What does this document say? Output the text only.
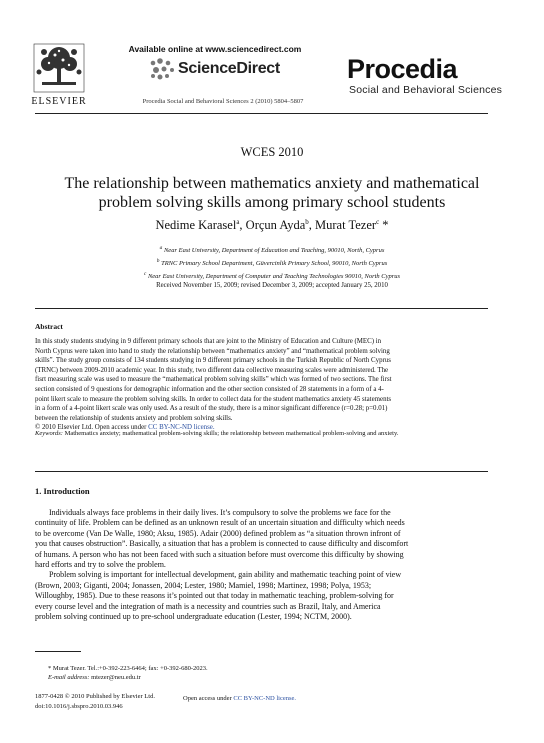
Available online at www.sciencedirect.com
ScienceDirect
ELSEVIER	Procedia Social and Behavioral Sciences 2 (2010) 5804–5807
Procedia
Social and Behavioral Sciences
WCES 2010
The relationship between mathematics anxiety and mathematical
problem solving skills among primary school students
Nedime Karasel$^a$, Orçun Ayda$^b$, Murat Tezer$^c$ *
$^a$ Near East University, Department of Education and Teaching, 90010, North, Cyprus
$^b$ TRNC Primary School Department, Güvercinlik Primary School, 90010, North Cyprus
$^c$ Near East University, Department of Computer and Teaching Technologies 90010, North Cyprus
Received November 15, 2009; revised December 3, 2009; accepted January 25, 2010
Abstract
In this study students studying in 9 different primary schools that are joint to the Ministry of Education and Culture (MEC) in
North Cyprus were taken into hand to study the relationship between “mathematics anxiety” and “mathematical problem solving
skills”. The study group consists of 134 students studying in 9 different primary schools in the Turkish Republic of North Cyprus
(TRNC) between 2009-2010 academic year. In this study, two different data collective measuring scales were administered. The
fisrt measuring scale was used to measure the “mathematical problem solving skills” which was formed of two sections. The first
section consisted of 9 questions for demographic information and the other section consisted of 28 statements in a form of a 4-
point likert scale to measure the problem solving skills. In order to collect data for the student mathematics anxiety 45 statements
in a form of a 4-point likert scale was only used. As a result of the study, there is a minor significant difference (r=0.28; p=0.01)
between the relationship of students anxiety and problem solving skills.
© 2010 Elsevier Ltd. Open access under CC BY-NC-ND license.
Keywords: Mathematics anxiety; mathematical problem-solving skills; the relationship between mathematical problem-solving and anxiety.
1. Introduction
Individuals always face problems in their daily lives. It’s compulsory to solve the problems we face for the
continuity of life. Problem can be defined as an unknown result of an uncertain situation and difficulty which needs
to be overcome (Van De Walle, 1980; Aksu, 1985). Adair (2000) defined problem as “a situation thrown infront of
you that causes obstruction”. Basically, a situation that has a problem is connected to cause difficulty and discomfort
of humans. A person who has not been faced with such a situation before must overcome this difficulty by showing
hard efforts and try to solve the problem.
Problem solving is important for intellectual development, gain ability and mathematic teaching point of view
(Brown, 2003; Giganti, 2004; Jonassen, 2004; Lester, 1980; Mamiel, 1998; Martinez, 1998; Polya, 1953;
Willoughby, 1985). Due to these reasons it’s pointed out that today in mathematic teaching, problem-solving for
every course level and the integration of math is a necessity and countries such as Brazil, Italy, and America
problem solving continued up to pre-school undergraduate education (Lester, 1994; NCTM, 2000).
* Murat Tezer. Tel.:+0-392-223-6464; fax: +0-392-680-2023.
E-mail address: mtezer@neu.edu.tr
1877-0428 © 2010 Published by Elsevier Ltd.
doi:10.1016/j.sbspro.2010.03.946
Open access under CC BY-NC-ND license.
